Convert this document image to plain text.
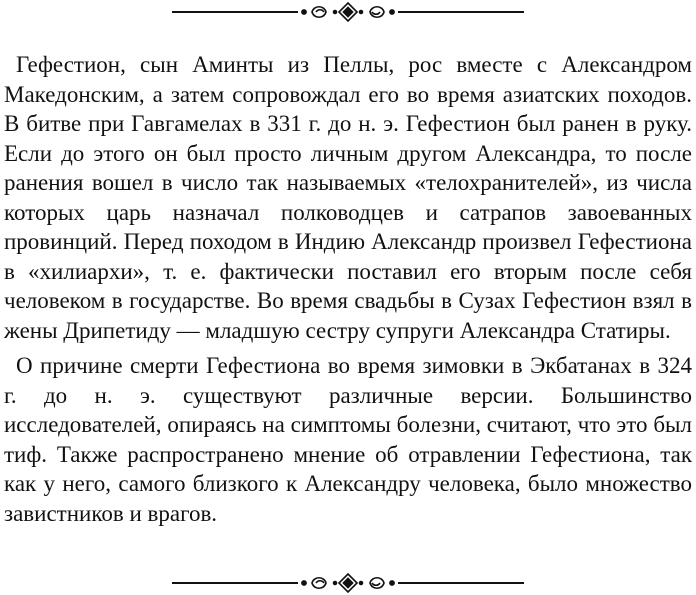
Гефестион, сын Аминты из Пеллы, рос вместе с Александром Македонским, а затем сопровождал его во время азиатских походов. В битве при Гавгамелах в 331 г. до н. э. Гефестион был ранен в руку. Если до этого он был просто личным другом Александра, то после ранения вошел в число так называемых «телохранителей», из числа которых царь назначал полководцев и сатрапов завоеванных провинций. Перед походом в Индию Александр произвел Гефестиона в «хилиархи», т. е. фактически поставил его вторым после себя человеком в государстве. Во время свадьбы в Сузах Гефестион взял в жены Дрипетиду — младшую сестру супруги Александра Статиры.

О причине смерти Гефестиона во время зимовки в Экбатанах в 324 г. до н. э. существуют различные версии. Большинство исследователей, опираясь на симптомы болезни, считают, что это был тиф. Также распространено мнение об отравлении Гефестиона, так как у него, самого близкого к Александру человека, было множество завистников и врагов.
